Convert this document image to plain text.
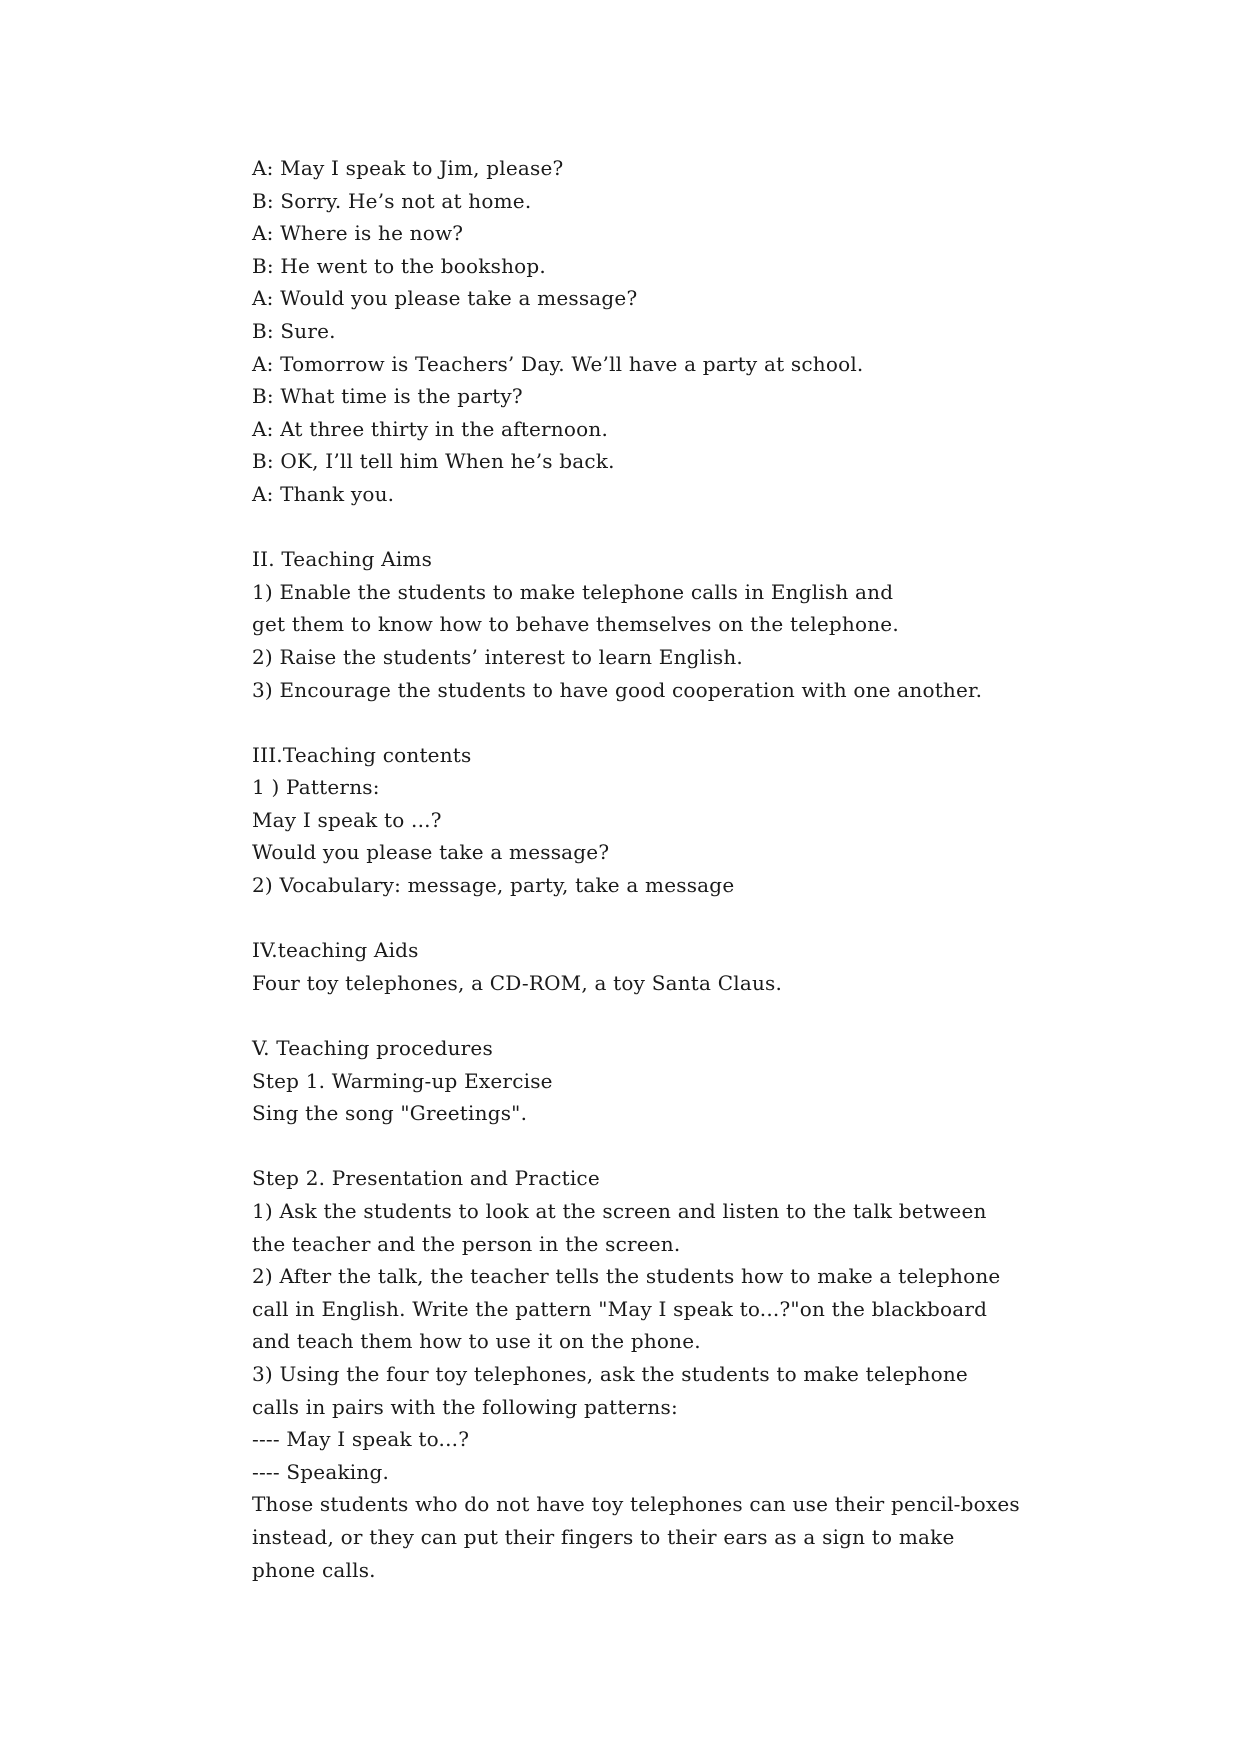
A: May I speak to Jim, please?
B: Sorry. He’s not at home.
A: Where is he now?
B: He went to the bookshop.
A: Would you please take a message?
B: Sure.
A: Tomorrow is Teachers’ Day. We’ll have a party at school.
B: What time is the party?
A: At three thirty in the afternoon.
B: OK, I’ll tell him When he’s back.
A: Thank you.
II. Teaching Aims
1) Enable the students to make telephone calls in English and
get them to know how to behave themselves on the telephone.
2) Raise the students’ interest to learn English.
3) Encourage the students to have good cooperation with one another.
III.Teaching contents
1 ) Patterns:
May I speak to ...?
Would you please take a message?
2) Vocabulary: message, party, take a message
IV.teaching Aids
Four toy telephones, a CD-ROM, a toy Santa Claus.
V. Teaching procedures
Step 1. Warming-up Exercise
Sing the song "Greetings".
Step 2. Presentation and Practice
1) Ask the students to look at the screen and listen to the talk between
the teacher and the person in the screen.
2) After the talk, the teacher tells the students how to make a telephone
call in English. Write the pattern "May I speak to...?"on the blackboard
and teach them how to use it on the phone.
3) Using the four toy telephones, ask the students to make telephone
calls in pairs with the following patterns:
---- May I speak to...?
---- Speaking.
Those students who do not have toy telephones can use their pencil-boxes
instead, or they can put their fingers to their ears as a sign to make
phone calls.
